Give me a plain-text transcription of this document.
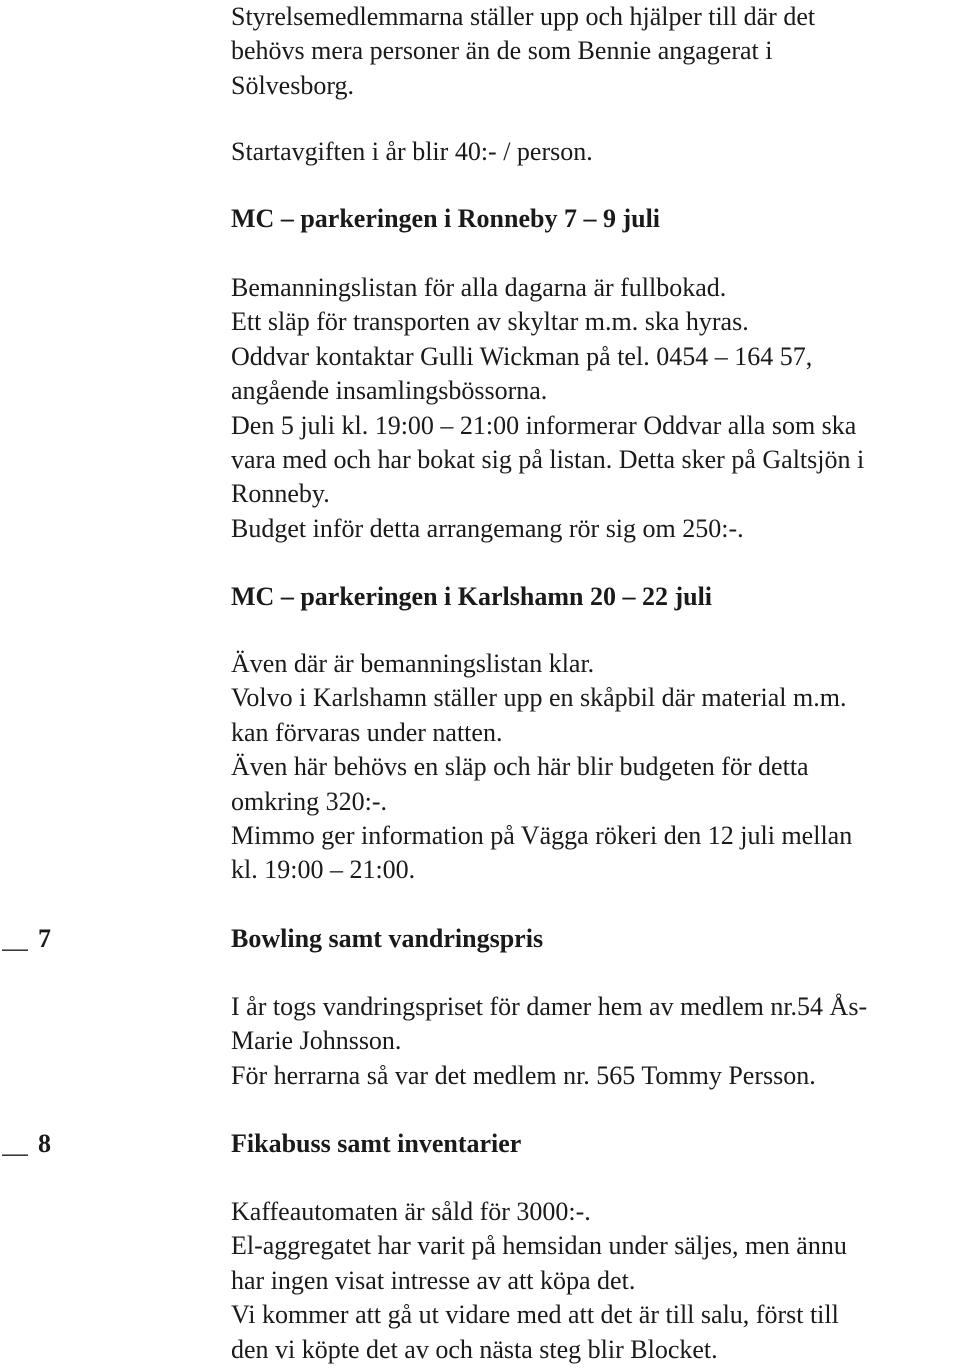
Styrelsemedlemmarna ställer upp och hjälper till där det
behövs mera personer än de som Bennie angagerat i
Sölvesborg.
Startavgiften i år blir 40:- / person.
MC – parkeringen i Ronneby 7 – 9 juli
Bemanningslistan för alla dagarna är fullbokad.
Ett släp för transporten av skyltar m.m. ska hyras.
Oddvar kontaktar Gulli Wickman på tel. 0454 – 164 57,
angående insamlingsbössorna.
Den 5 juli kl. 19:00 – 21:00 informerar Oddvar alla som ska
vara med och har bokat sig på listan. Detta sker på Galtsjön i
Ronneby.
Budget inför detta arrangemang rör sig om 250:-.
MC – parkeringen i Karlshamn 20 – 22 juli
Även där är bemanningslistan klar.
Volvo i Karlshamn ställer upp en skåpbil där material m.m.
kan förvaras under natten.
Även här behövs en släp och här blir budgeten för detta
omkring 320:-.
Mimmo ger information på Vägga rökeri den 12 juli mellan
kl. 19:00 – 21:00.
⸏ 7	Bowling samt vandringspris
I år togs vandringspriset för damer hem av medlem nr.54 Ås-
Marie Johnsson.
För herrarna så var det medlem nr. 565 Tommy Persson.
⸏ 8	Fikabuss samt inventarier
Kaffeautomaten är såld för 3000:-.
El-aggregatet har varit på hemsidan under säljes, men ännu
har ingen visat intresse av att köpa det.
Vi kommer att gå ut vidare med att det är till salu, först till
den vi köpte det av och nästa steg blir Blocket.
